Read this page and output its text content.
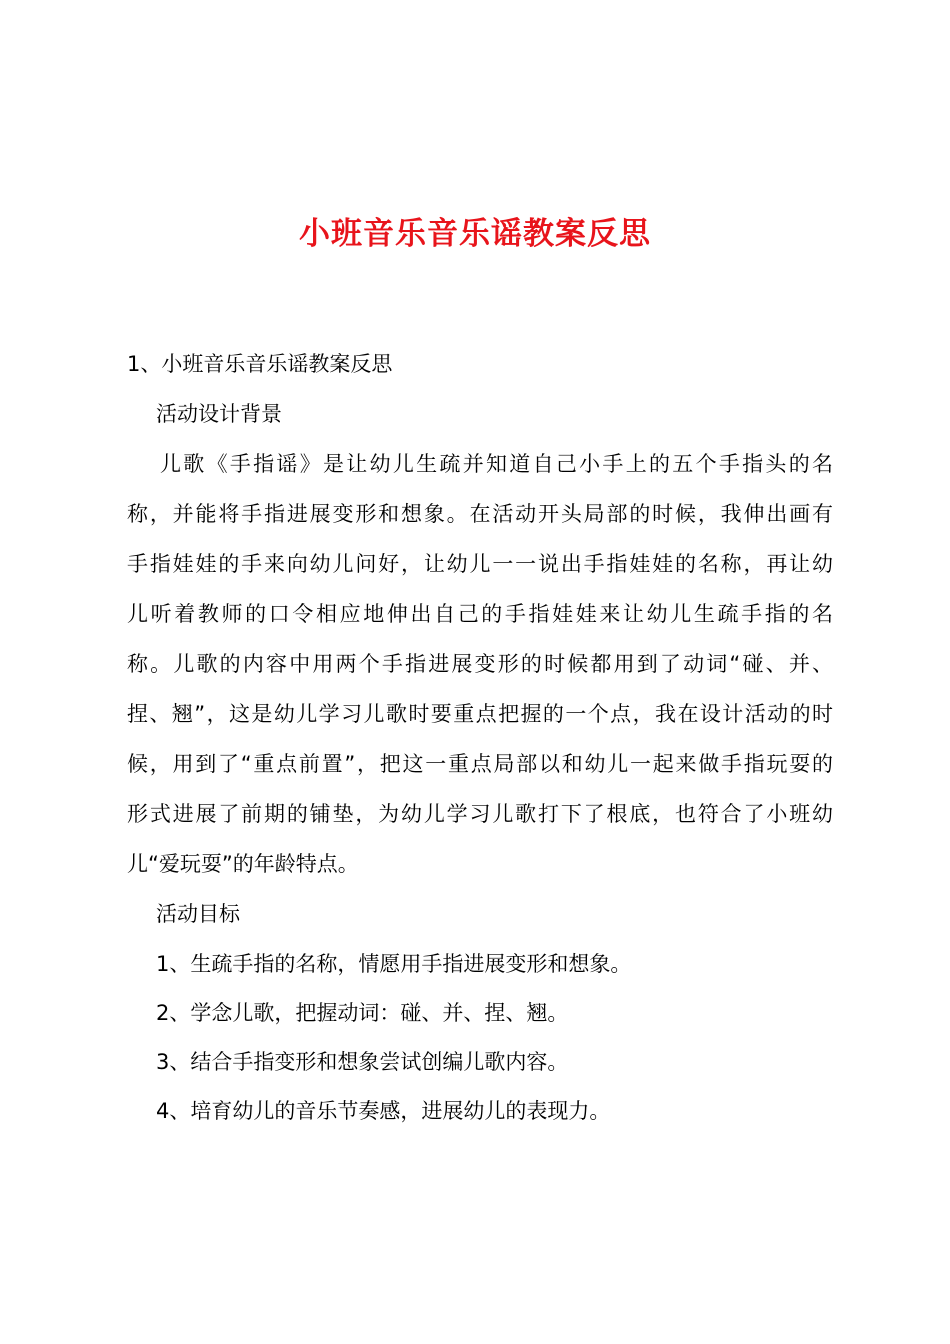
小班音乐音乐谣教案反思
1、小班音乐音乐谣教案反思
活动设计背景
儿歌《手指谣》是让幼儿生疏并知道自己小手上的五个手指头的名
称，并能将手指进展变形和想象。在活动开头局部的时候，我伸出画有
手指娃娃的手来向幼儿问好，让幼儿一一说出手指娃娃的名称，再让幼
儿听着教师的口令相应地伸出自己的手指娃娃来让幼儿生疏手指的名
称。儿歌的内容中用两个手指进展变形的时候都用到了动词“碰、并、
捏、翘”，这是幼儿学习儿歌时要重点把握的一个点，我在设计活动的时
候，用到了“重点前置”，把这一重点局部以和幼儿一起来做手指玩耍的
形式进展了前期的铺垫，为幼儿学习儿歌打下了根底，也符合了小班幼
儿“爱玩耍”的年龄特点。
活动目标
1、生疏手指的名称，情愿用手指进展变形和想象。
2、学念儿歌，把握动词：碰、并、捏、翘。
3、结合手指变形和想象尝试创编儿歌内容。
4、培育幼儿的音乐节奏感，进展幼儿的表现力。
